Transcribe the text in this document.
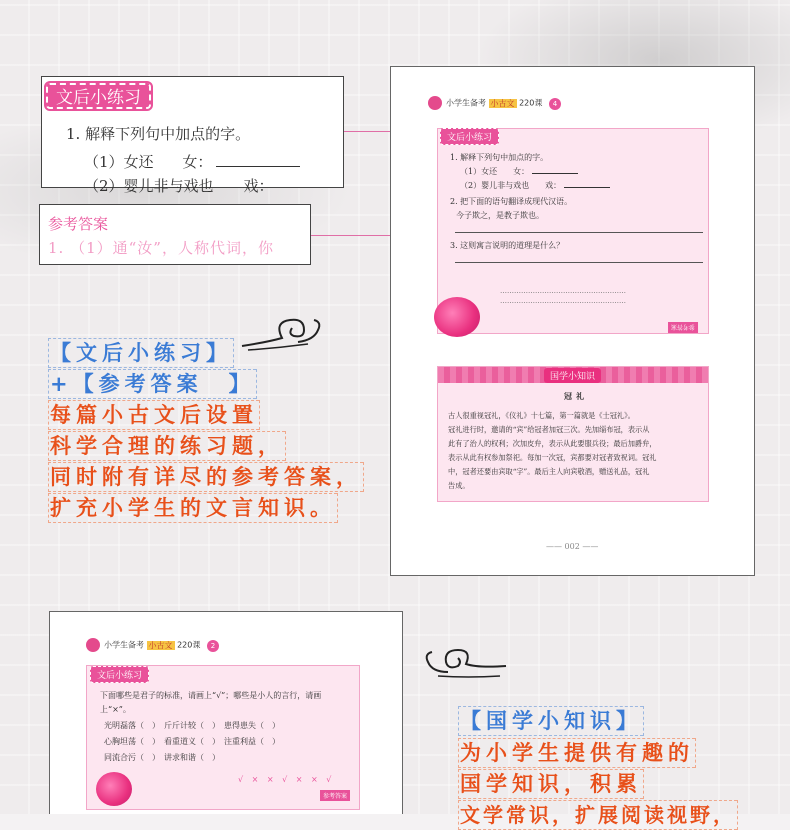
文后小练习
1. 解释下列句中加点的字。
（1）女还 女：
（2）婴儿非与戏也　　戏：
参考答案
1. （1）通“汝”，人称代词，你
小学生备考 小古文 220课 4
文后小练习
1. 解释下列句中加点的字。
（1）女还　　女：
（2）婴儿非与戏也　　戏：
2. 把下面的语句翻译成现代汉语。
今子欺之，是教子欺也。
3. 这则寓言说明的道理是什么？
………………………………………………
………………………………………………
参考答案
国学小知识
冠礼
古人很重视冠礼，《仪礼》十七篇，第一篇就是《士冠礼》。
冠礼进行时，邀请的“宾”给冠者加冠三次。先加缁布冠，表示从
此有了治人的权利；次加皮弁，表示从此要服兵役；最后加爵弁，
表示从此有权参加祭祀。每加一次冠，宾都要对冠者致祝词。冠礼
中，冠者还要由宾取“字”。最后主人向宾敬酒，赠送礼品，冠礼
告成。
—— 002 ——
小学生备考 小古文 220课 2
文后小练习
下面哪些是君子的标准，请画上“√”；哪些是小人的言行，请画
上“×”。
光明磊落（　）　斤斤计较（　）　患得患失（　）
心胸坦荡（　）　看重道义（　）　注重利益（　）
同流合污（　）　讲求和谐（　）
√ × × √ × × √
参考答案
【文后小练习】
+【参考答案　】
每篇小古文后设置
科学合理的练习题，
同时附有详尽的参考答案，
扩充小学生的文言知识。
【国学小知识】
为小学生提供有趣的
国学知识，积累
文学常识，扩展阅读视野，
